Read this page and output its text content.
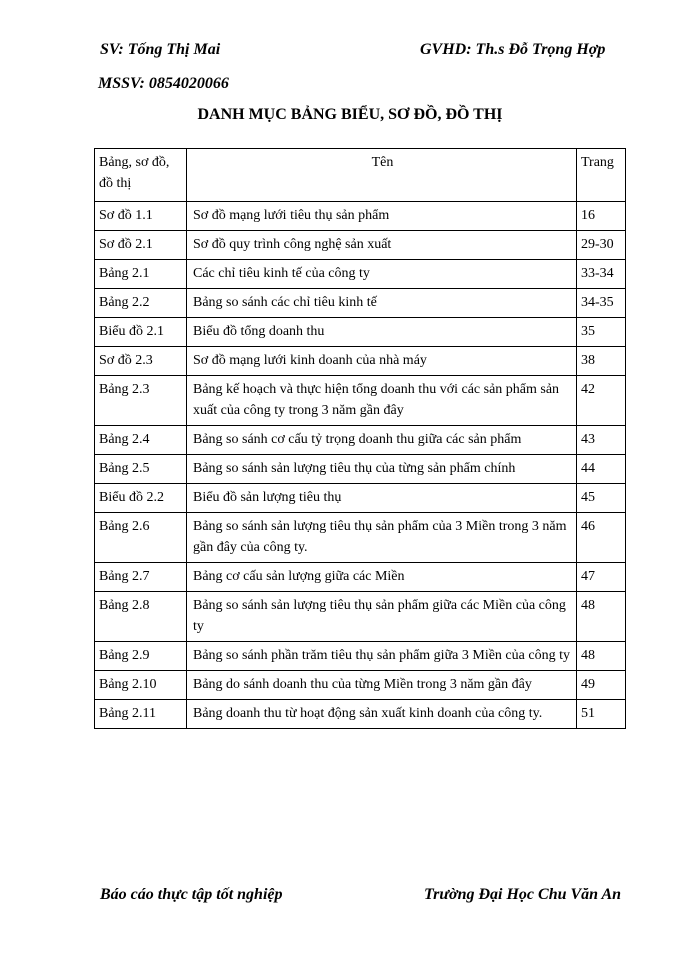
SV: Tống Thị Mai	GVHD: Th.s Đỗ Trọng Hợp
MSSV: 0854020066
DANH MỤC BẢNG BIỂU, SƠ ĐỒ, ĐỒ THỊ
Bảng, sơ đồ, đồ thị	Tên	Trang
Sơ đồ 1.1	Sơ đồ mạng lưới tiêu thụ sản phẩm	16
Sơ đồ 2.1	Sơ đồ quy trình công nghệ sản xuất	29-30
Bảng 2.1	Các chỉ tiêu kinh tế của công ty	33-34
Bảng 2.2	Bảng so sánh các chỉ tiêu kinh tế	34-35
Biểu đồ 2.1	Biểu đồ tổng doanh thu	35
Sơ đồ 2.3	Sơ đồ mạng lưới kinh doanh của nhà máy	38
Bảng 2.3	Bảng kế hoạch và thực hiện tổng doanh thu với các sản phẩm sản xuất của công ty trong 3 năm gần đây	42
Bảng 2.4	Bảng so sánh cơ cấu tỷ trọng doanh thu giữa các sản phẩm	43
Bảng 2.5	Bảng so sánh sản lượng tiêu thụ của từng sản phẩm chính	44
Biểu đồ 2.2	Biểu đồ sản lượng tiêu thụ	45
Bảng 2.6	Bảng so sánh sản lượng tiêu thụ sản phẩm của 3 Miền trong 3 năm gần đây của công ty.	46
Bảng 2.7	Bảng cơ cấu sản lượng giữa các Miền	47
Bảng 2.8	Bảng so sánh sản lượng tiêu thụ sản phẩm giữa các Miền của công ty	48
Bảng 2.9	Bảng so sánh phần trăm tiêu thụ sản phẩm giữa 3 Miền của công ty	48
Bảng 2.10	Bảng do sánh doanh thu của từng Miền trong 3 năm gần đây	49
Bảng 2.11	Bảng doanh thu từ hoạt động sản xuất kinh doanh của công ty.	51
Báo cáo thực tập tốt nghiệp	Trường Đại Học Chu Văn An
